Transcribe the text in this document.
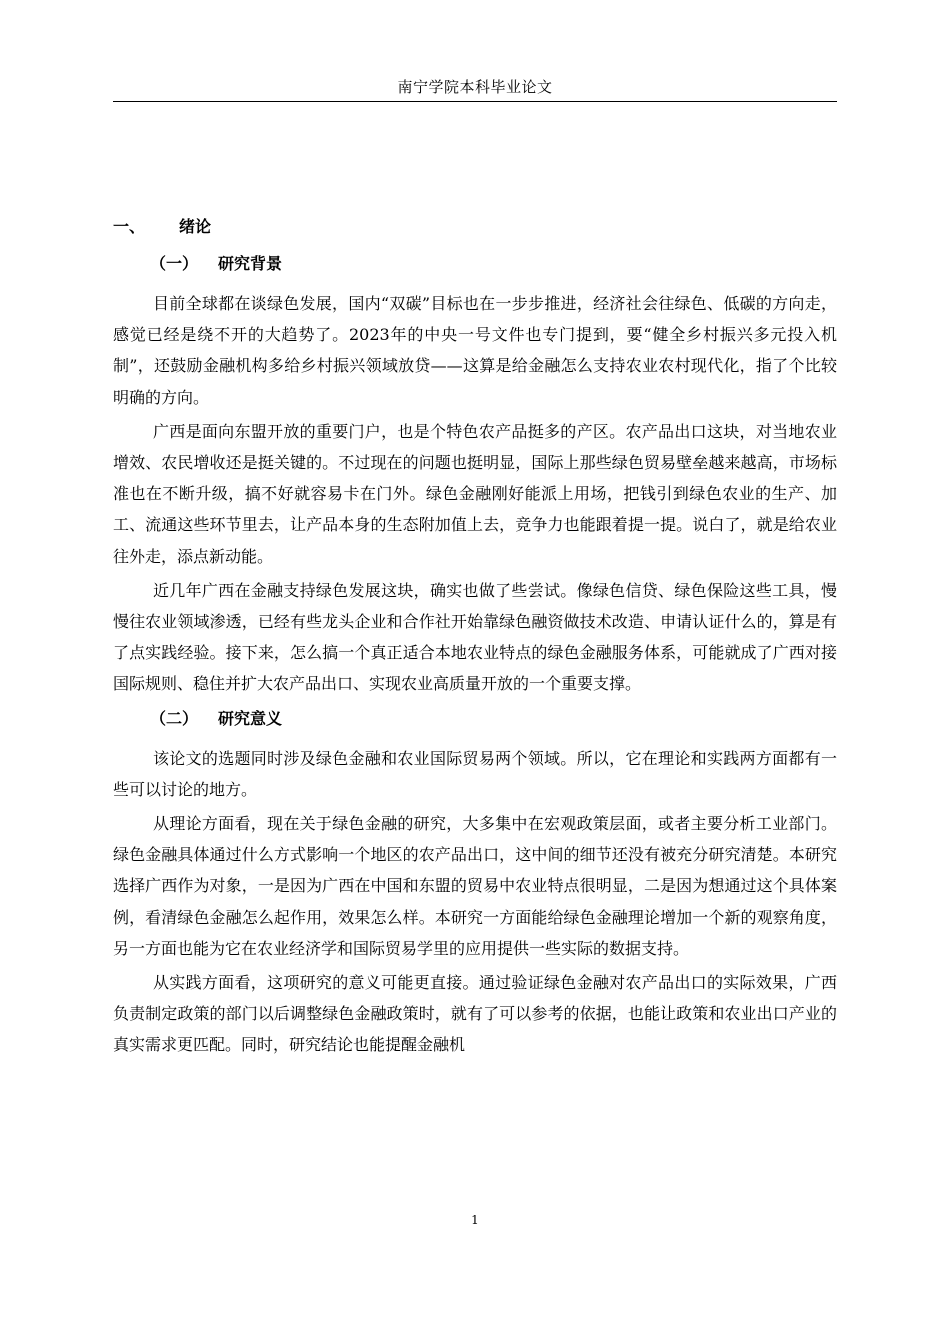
南宁学院本科毕业论文
一、 绪论
（一） 研究背景

目前全球都在谈绿色发展，国内“双碳”目标也在一步步推进，经济社会往绿色、低碳的方向走，感觉已经是绕不开的大趋势了。2023年的中央一号文件也专门提到，要“健全乡村振兴多元投入机制”，还鼓励金融机构多给乡村振兴领域放贷——这算是给金融怎么支持农业农村现代化，指了个比较明确的方向。

广西是面向东盟开放的重要门户，也是个特色农产品挺多的产区。农产品出口这块，对当地农业增效、农民增收还是挺关键的。不过现在的问题也挺明显，国际上那些绿色贸易壁垒越来越高，市场标准也在不断升级，搞不好就容易卡在门外。绿色金融刚好能派上用场，把钱引到绿色农业的生产、加工、流通这些环节里去，让产品本身的生态附加值上去，竞争力也能跟着提一提。说白了，就是给农业往外走，添点新动能。

近几年广西在金融支持绿色发展这块，确实也做了些尝试。像绿色信贷、绿色保险这些工具，慢慢往农业领域渗透，已经有些龙头企业和合作社开始靠绿色融资做技术改造、申请认证什么的，算是有了点实践经验。接下来，怎么搞一个真正适合本地农业特点的绿色金融服务体系，可能就成了广西对接国际规则、稳住并扩大农产品出口、实现农业高质量开放的一个重要支撑。

（二） 研究意义

该论文的选题同时涉及绿色金融和农业国际贸易两个领域。所以，它在理论和实践两方面都有一些可以讨论的地方。

从理论方面看，现在关于绿色金融的研究，大多集中在宏观政策层面，或者主要分析工业部门。绿色金融具体通过什么方式影响一个地区的农产品出口，这中间的细节还没有被充分研究清楚。本研究选择广西作为对象，一是因为广西在中国和东盟的贸易中农业特点很明显，二是因为想通过这个具体案例，看清绿色金融怎么起作用，效果怎么样。本研究一方面能给绿色金融理论增加一个新的观察角度，另一方面也能为它在农业经济学和国际贸易学里的应用提供一些实际的数据支持。

从实践方面看，这项研究的意义可能更直接。通过验证绿色金融对农产品出口的实际效果，广西负责制定政策的部门以后调整绿色金融政策时，就有了可以参考的依据，也能让政策和农业出口产业的真实需求更匹配。同时，研究结论也能提醒金融机

1
